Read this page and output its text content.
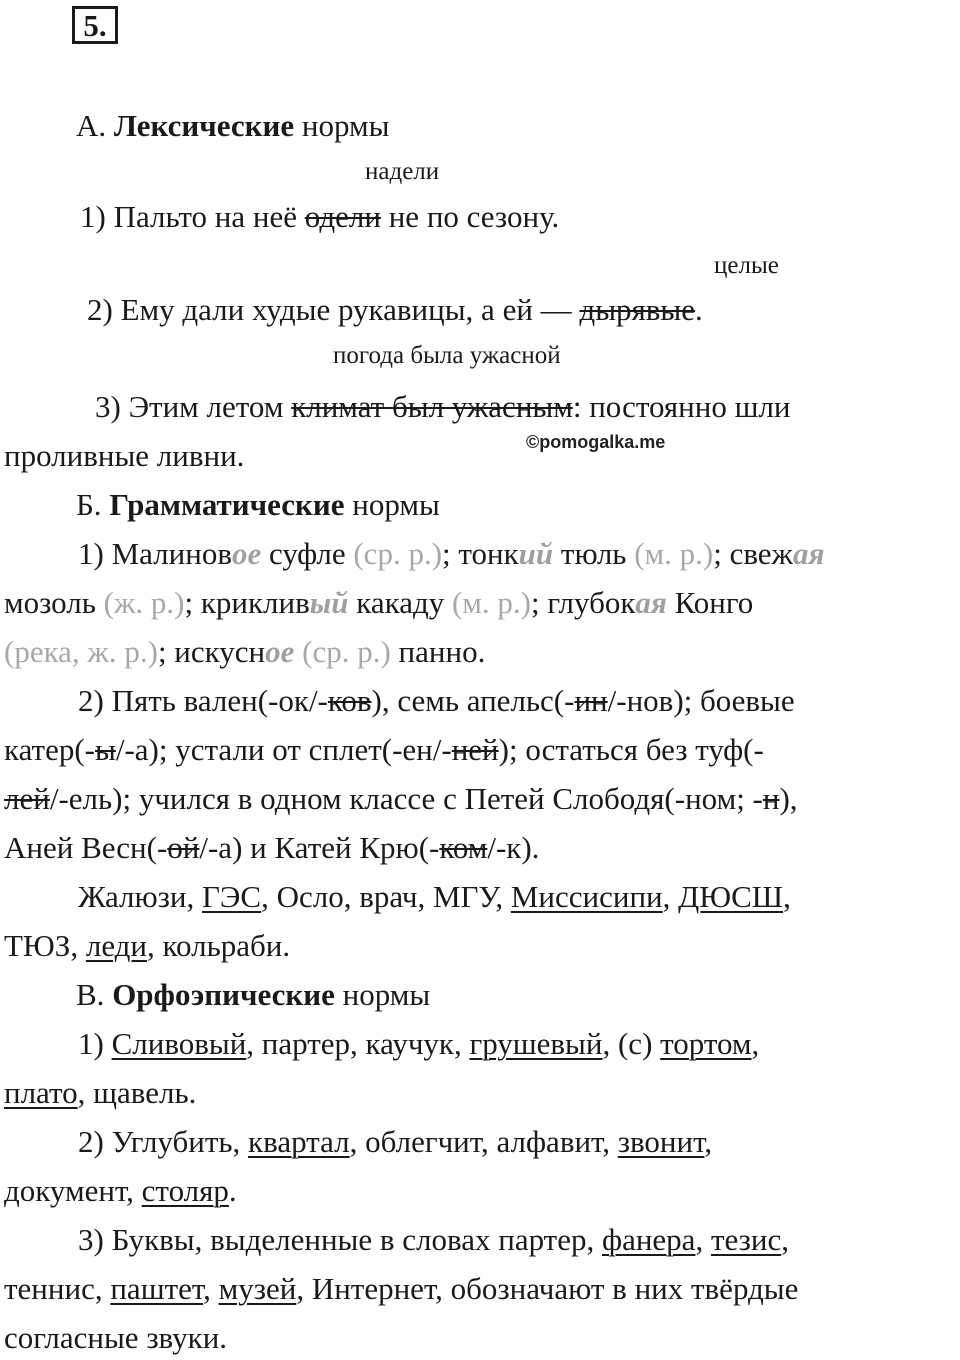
5.
А. Лексические нормы
надели
1) Пальто на неё одели не по сезону.
целые
2) Ему дали худые рукавицы, а ей — дырявые.
погода была ужасной
3) Этим летом климат был ужасным: постоянно шли
проливные ливни.	©pomogalka.me
Б. Грамматические нормы
1) Малиновое суфле (ср. р.); тонкий тюль (м. р.); свежая
мозоль (ж. р.); крикливый какаду (м. р.); глубокая Конго
(река, ж. р.); искусное (ср. р.) панно.
2) Пять вален(-ок/-ков), семь апельс(-ин/-нов); боевые
катер(-ы/-а); устали от сплет(-ен/-ней); остаться без туф(-
лей/-ель); учился в одном классе с Петей Слободя(-ном; -н),
Аней Весн(-ой/-а) и Катей Крю(-ком/-к).
Жалюзи, ГЭС, Осло, врач, МГУ, Миссисипи, ДЮСШ,
ТЮЗ, леди, кольраби.
В. Орфоэпические нормы
1) Сливовый, партер, каучук, грушевый, (с) тортом,
плато, щавель.
2) Углубить, квартал, облегчит, алфавит, звонит,
документ, столяр.
3) Буквы, выделенные в словах партер, фанера, тезис,
теннис, паштет, музей, Интернет, обозначают в них твёрдые
согласные звуки.
